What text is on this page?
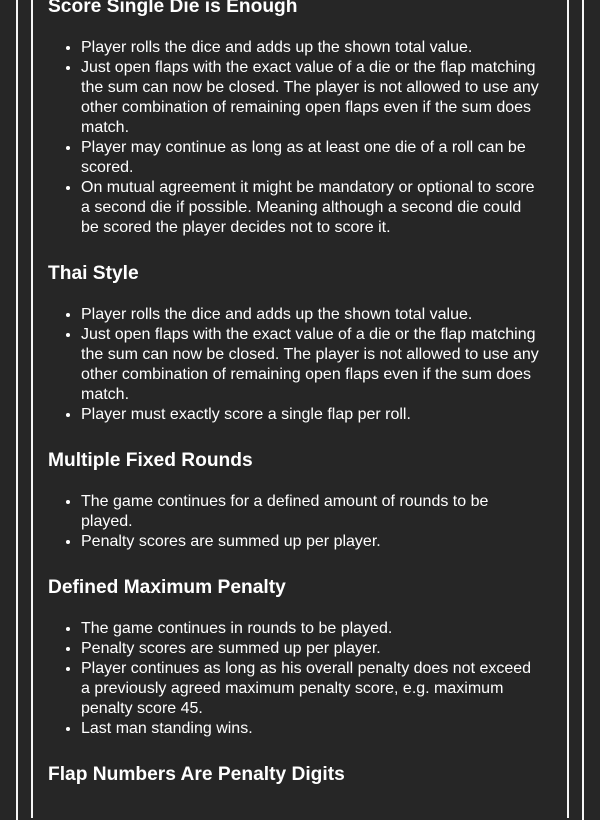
Score Single Die is Enough
• Player rolls the dice and adds up the shown total value.
• Just open flaps with the exact value of a die or the flap matching the sum can now be closed. The player is not allowed to use any other combination of remaining open flaps even if the sum does match.
• Player may continue as long as at least one die of a roll can be scored.
• On mutual agreement it might be mandatory or optional to score a second die if possible. Meaning although a second die could be scored the player decides not to score it.
Thai Style
• Player rolls the dice and adds up the shown total value.
• Just open flaps with the exact value of a die or the flap matching the sum can now be closed. The player is not allowed to use any other combination of remaining open flaps even if the sum does match.
• Player must exactly score a single flap per roll.
Multiple Fixed Rounds
• The game continues for a defined amount of rounds to be played.
• Penalty scores are summed up per player.
Defined Maximum Penalty
• The game continues in rounds to be played.
• Penalty scores are summed up per player.
• Player continues as long as his overall penalty does not exceed a previously agreed maximum penalty score, e.g. maximum penalty score 45.
• Last man standing wins.
Flap Numbers Are Penalty Digits
